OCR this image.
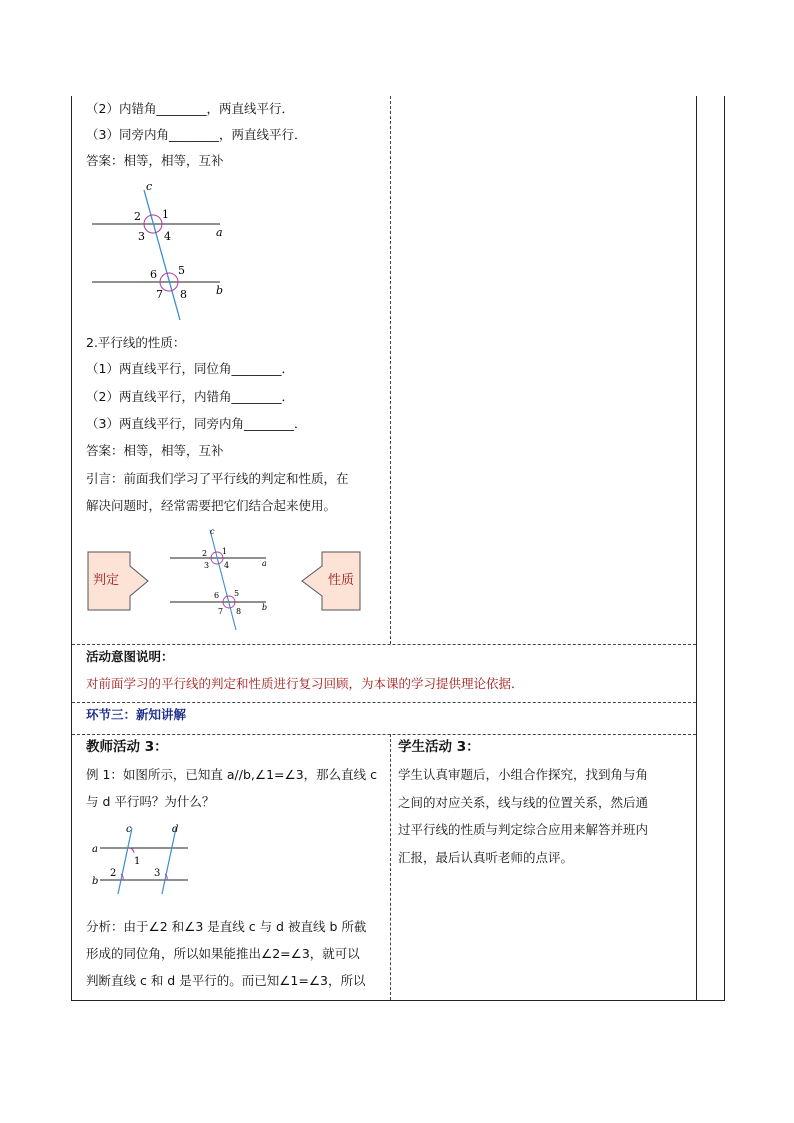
（2）内错角________，两直线平行．
（3）同旁内角________，两直线平行．
答案：相等，相等，互补
c
a
b
1
2
3 4
5
6
7 8
2.平行线的性质：
（1）两直线平行，同位角________．
（2）两直线平行，内错角________．
（3）两直线平行，同旁内角________．
答案：相等，相等，互补
引言：前面我们学习了平行线的判定和性质，在
解决问题时，经常需要把它们结合起来使用。
判定
c
a
b
1
2
3 4
5
6
7 8
性质
活动意图说明：
对前面学习的平行线的判定和性质进行复习回顾，为本课的学习提供理论依据．
环节三：新知讲解
教师活动 3：
例 1：如图所示，已知直 a//b,∠1=∠3，那么直线 c
与 d 平行吗？为什么？
c	d
a
b
1
2	3
分析：由于∠2 和∠3 是直线 c 与 d 被直线 b 所截
形成的同位角，所以如果能推出∠2=∠3，就可以
判断直线 c 和 d 是平行的。而已知∠1=∠3，所以
学生活动 3：
学生认真审题后，小组合作探究，找到角与角
之间的对应关系，线与线的位置关系，然后通
过平行线的性质与判定综合应用来解答并班内
汇报，最后认真听老师的点评。
